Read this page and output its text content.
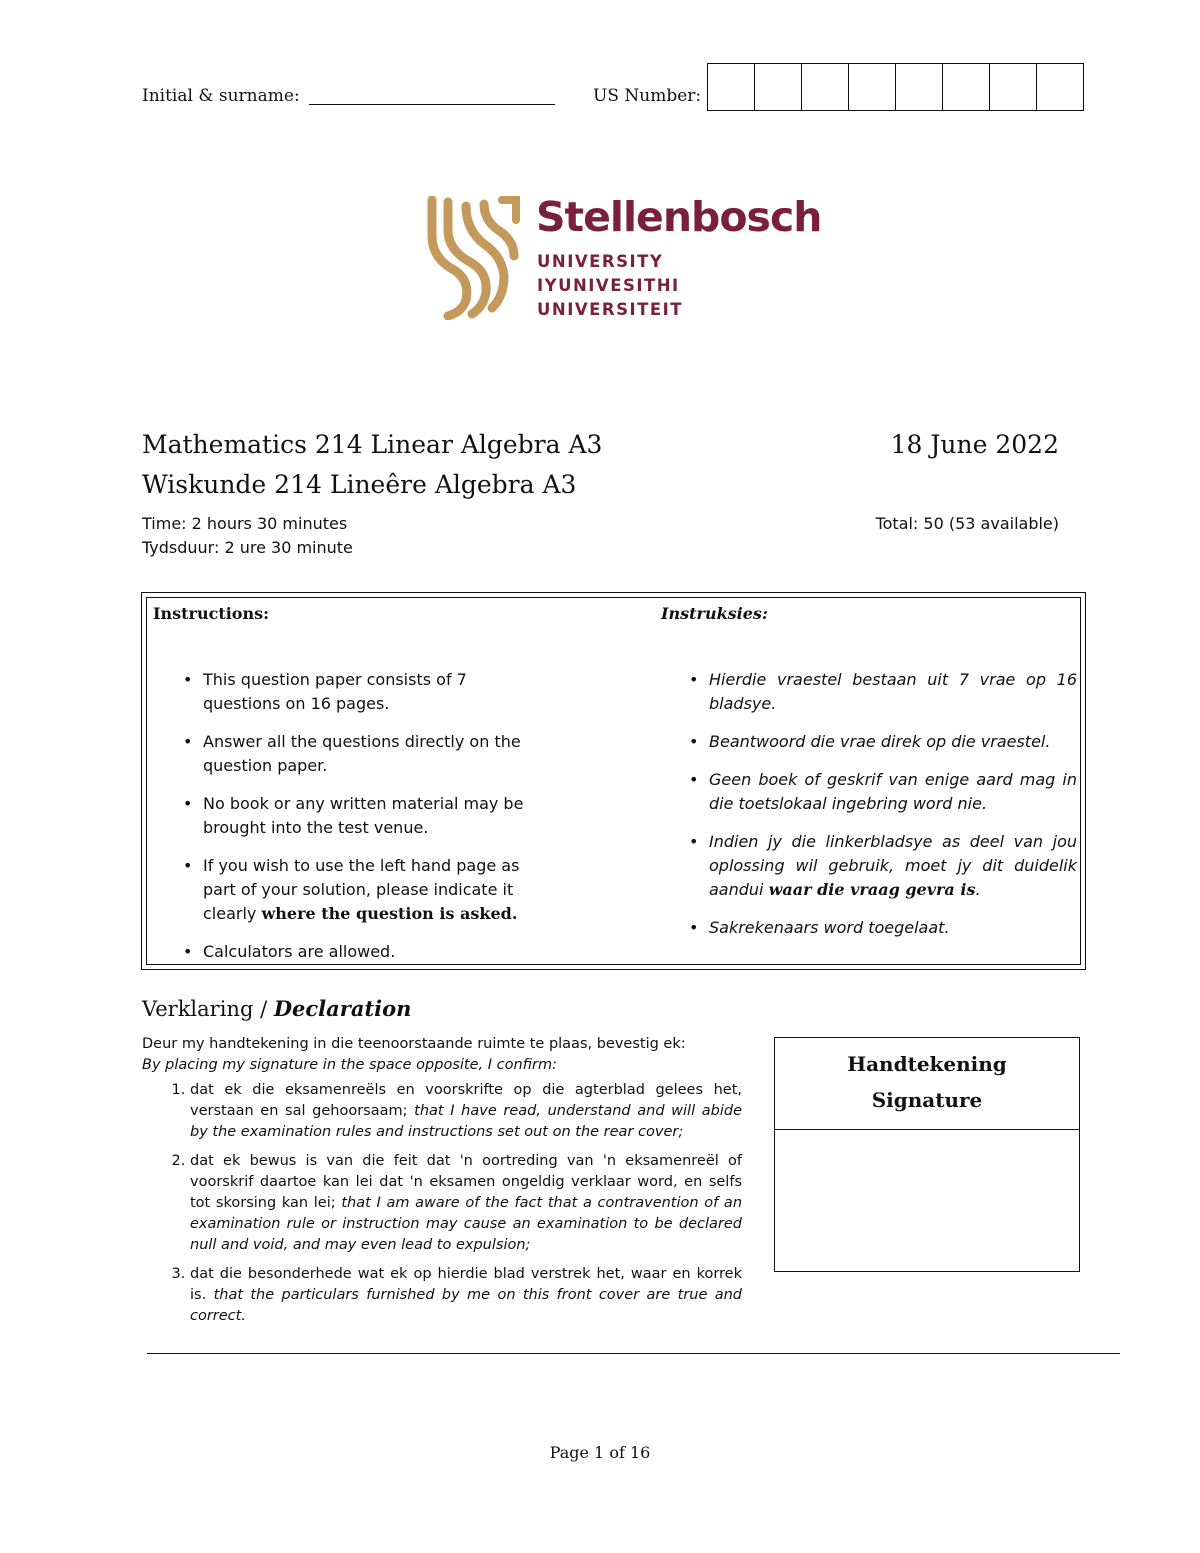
Initial & surname:	US Number:
Stellenbosch
UNIVERSITY
IYUNIVESITHI
UNIVERSITEIT
Mathematics 214 Linear Algebra A3
Wiskunde 214 Lineêre Algebra A3
18 June 2022
Time: 2 hours 30 minutes
Tydsduur: 2 ure 30 minute
Total: 50 (53 available)
Instructions:	Instruksies:
• This question paper consists of 7 questions on 16 pages.
• Answer all the questions directly on the question paper.
• No book or any written material may be brought into the test venue.
• If you wish to use the left hand page as part of your solution, please indicate it clearly where the question is asked.
• Calculators are allowed.
• Hierdie vraestel bestaan uit 7 vrae op 16 bladsye.
• Beantwoord die vrae direk op die vraestel.
• Geen boek of geskrif van enige aard mag in die toetslokaal ingebring word nie.
• Indien jy die linkerbladsye as deel van jou oplossing wil gebruik, moet jy dit duidelik aandui waar die vraag gevra is.
• Sakrekenaars word toegelaat.
Verklaring / Declaration
Deur my handtekening in die teenoorstaande ruimte te plaas, bevestig ek:
By placing my signature in the space opposite, I confirm:
1. dat ek die eksamenreëls en voorskrifte op die agterblad gelees het, verstaan en sal gehoorsaam; that I have read, understand and will abide by the examination rules and instructions set out on the rear cover;
2. dat ek bewus is van die feit dat 'n oortreding van 'n eksamenreël of voorskrif daartoe kan lei dat 'n eksamen ongeldig verklaar word, en selfs tot skorsing kan lei; that I am aware of the fact that a contravention of an examination rule or instruction may cause an examination to be declared null and void, and may even lead to expulsion;
3. dat die besonderhede wat ek op hierdie blad verstrek het, waar en korrek is. that the particulars furnished by me on this front cover are true and correct.
Handtekening
Signature
Page 1 of 16
